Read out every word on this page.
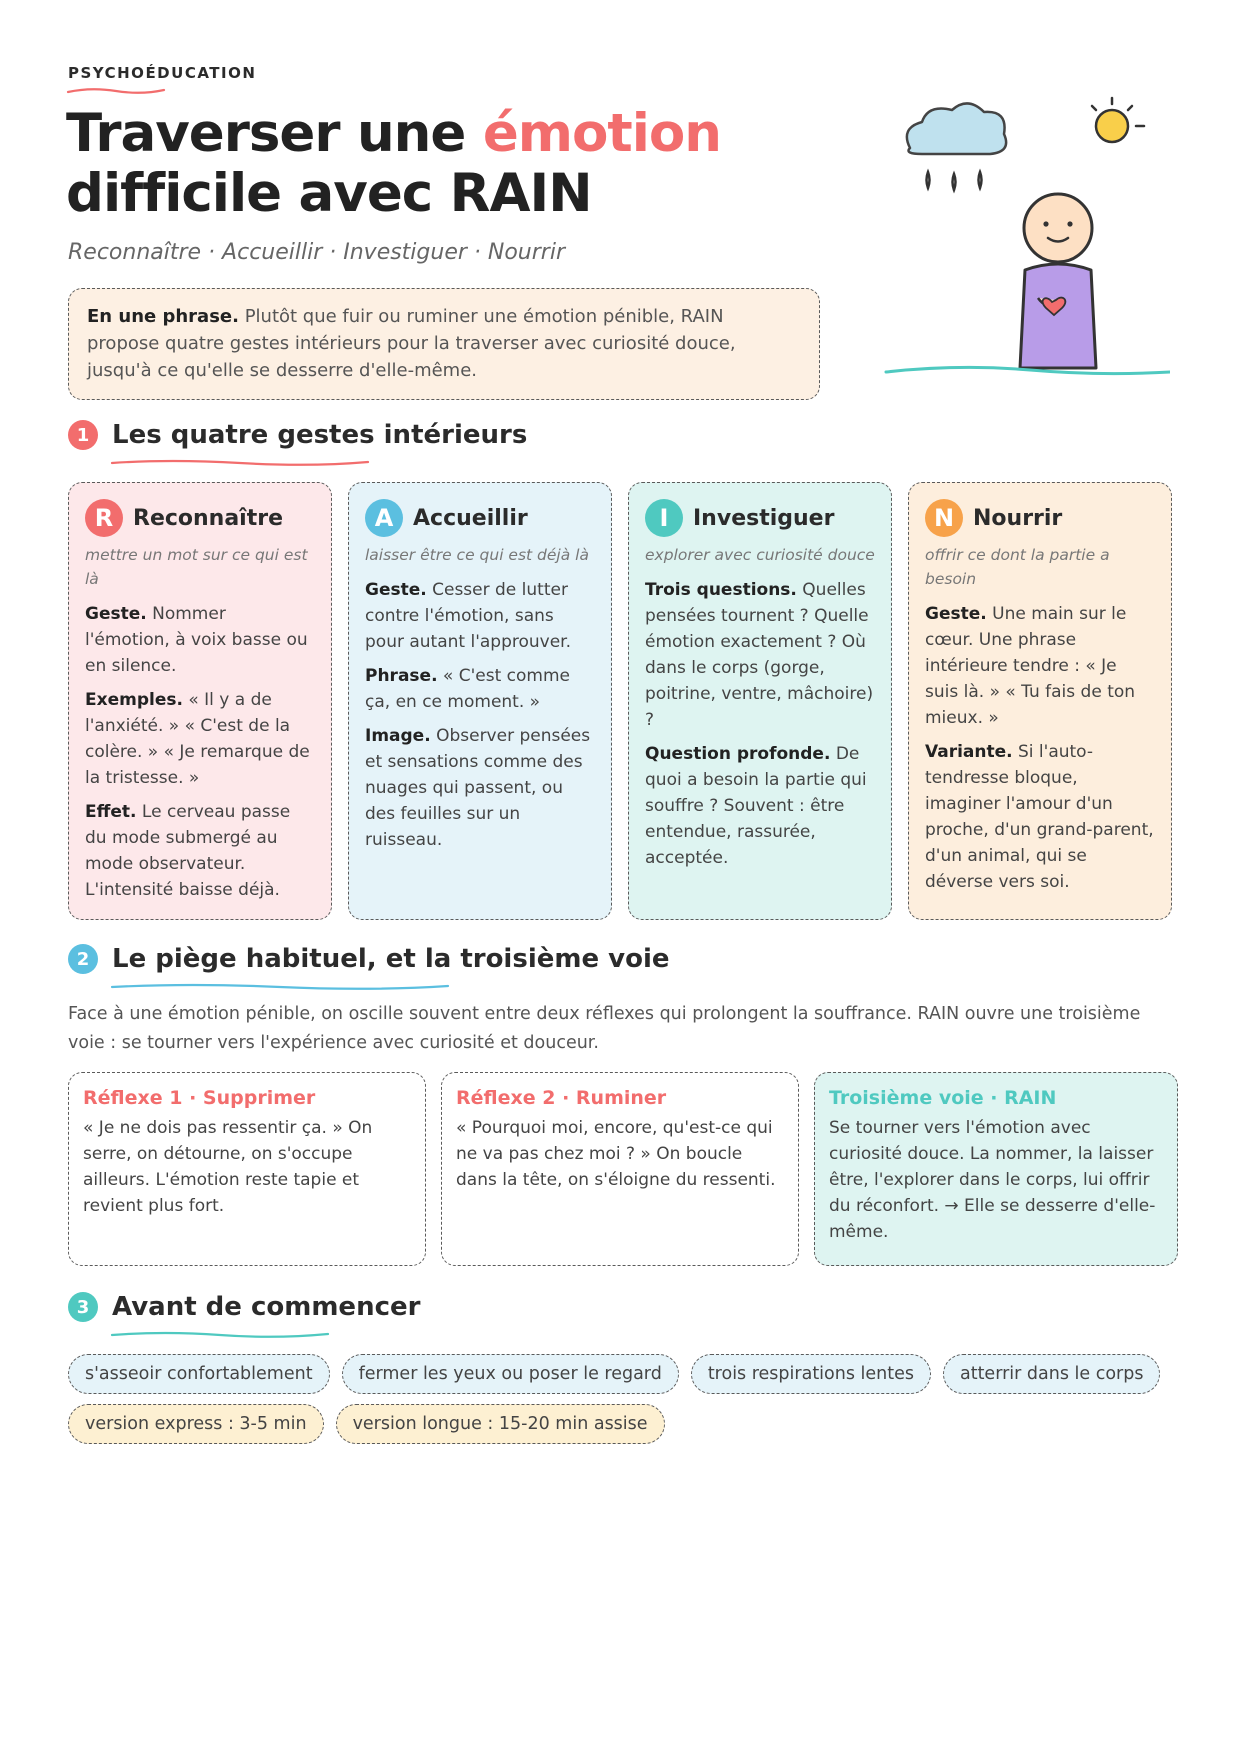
PSYCHOÉDUCATION
Traverser une émotion
difficile avec RAIN
Reconnaître · Accueillir · Investiguer · Nourrir
En une phrase. Plutôt que fuir ou ruminer une émotion pénible, RAIN propose quatre gestes intérieurs pour la traverser avec curiosité douce, jusqu'à ce qu'elle se desserre d'elle-même.
1 Les quatre gestes intérieurs
R Reconnaître
mettre un mot sur ce qui est là
Geste. Nommer l'émotion, à voix basse ou en silence.
Exemples. « Il y a de l'anxiété. » « C'est de la colère. » « Je remarque de la tristesse. »
Effet. Le cerveau passe du mode submergé au mode observateur. L'intensité baisse déjà.
A Accueillir
laisser être ce qui est déjà là
Geste. Cesser de lutter contre l'émotion, sans pour autant l'approuver.
Phrase. « C'est comme ça, en ce moment. »
Image. Observer pensées et sensations comme des nuages qui passent, ou des feuilles sur un ruisseau.
I	Investiguer
explorer avec curiosité douce
Trois questions. Quelles pensées tournent ? Quelle émotion exactement ? Où dans le corps (gorge, poitrine, ventre, mâchoire) ?
Question profonde. De quoi a besoin la partie qui souffre ? Souvent : être entendue, rassurée, acceptée.
N Nourrir
offrir ce dont la partie a besoin
Geste. Une main sur le cœur. Une phrase intérieure tendre : « Je suis là. » « Tu fais de ton mieux. »
Variante. Si l'auto-tendresse bloque, imaginer l'amour d'un proche, d'un grand-parent, d'un animal, qui se déverse vers soi.
2 Le piège habituel, et la troisième voie
Face à une émotion pénible, on oscille souvent entre deux réflexes qui prolongent la souffrance. RAIN ouvre une troisième voie : se tourner vers l'expérience avec curiosité et douceur.
Réflexe 1 · Supprimer
« Je ne dois pas ressentir ça. » On serre, on détourne, on s'occupe ailleurs. L'émotion reste tapie et revient plus fort.
Réflexe 2 · Ruminer
« Pourquoi moi, encore, qu'est-ce qui ne va pas chez moi ? » On boucle dans la tête, on s'éloigne du ressenti.
Troisième voie · RAIN
Se tourner vers l'émotion avec curiosité douce. La nommer, la laisser être, l'explorer dans le corps, lui offrir du réconfort. → Elle se desserre d'elle-même.
3 Avant de commencer
s'asseoir confortablement	fermer les yeux ou poser le regard	trois respirations lentes	atterrir dans le corps
version express : 3-5 min	version longue : 15-20 min assise
